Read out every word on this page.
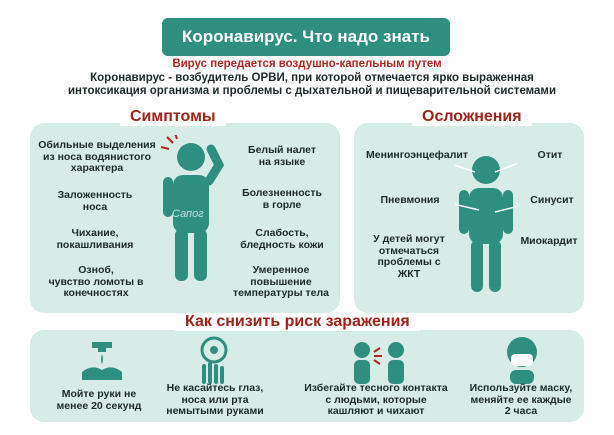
Коронавирус. Что надо знать
Вирус передается воздушно-капельным путем
Коронавирус - возбудитель ОРВИ, при которой отмечается ярко выраженная
интоксикация организма и проблемы с дыхательной и пищеварительной системами
Симптомы	Осложнения
Как снизить риск заражения
Обильные выделения
из носа водянистого
характера
Заложенность
носа
Чихание,
покашливания
Озноб,
чувство ломоты в
конечностях
Белый налет
на языке
Болезненность
в горле
Слабость,
бледность кожи
Умеренное
повышение
температуры тела
Сапог
Менингоэнцефалит	Отит
Пневмония	Синусит
У детей могут
отмечаться
проблемы с
ЖКТ
Миокардит
Мойте руки не
менее 20 секунд
Не касайтесь глаз,
носа или рта
немытыми руками
Избегайте тесного контакта
с людьми, которые
кашляют и чихают
Используйте маску,
меняйте ее каждые
2 часа
